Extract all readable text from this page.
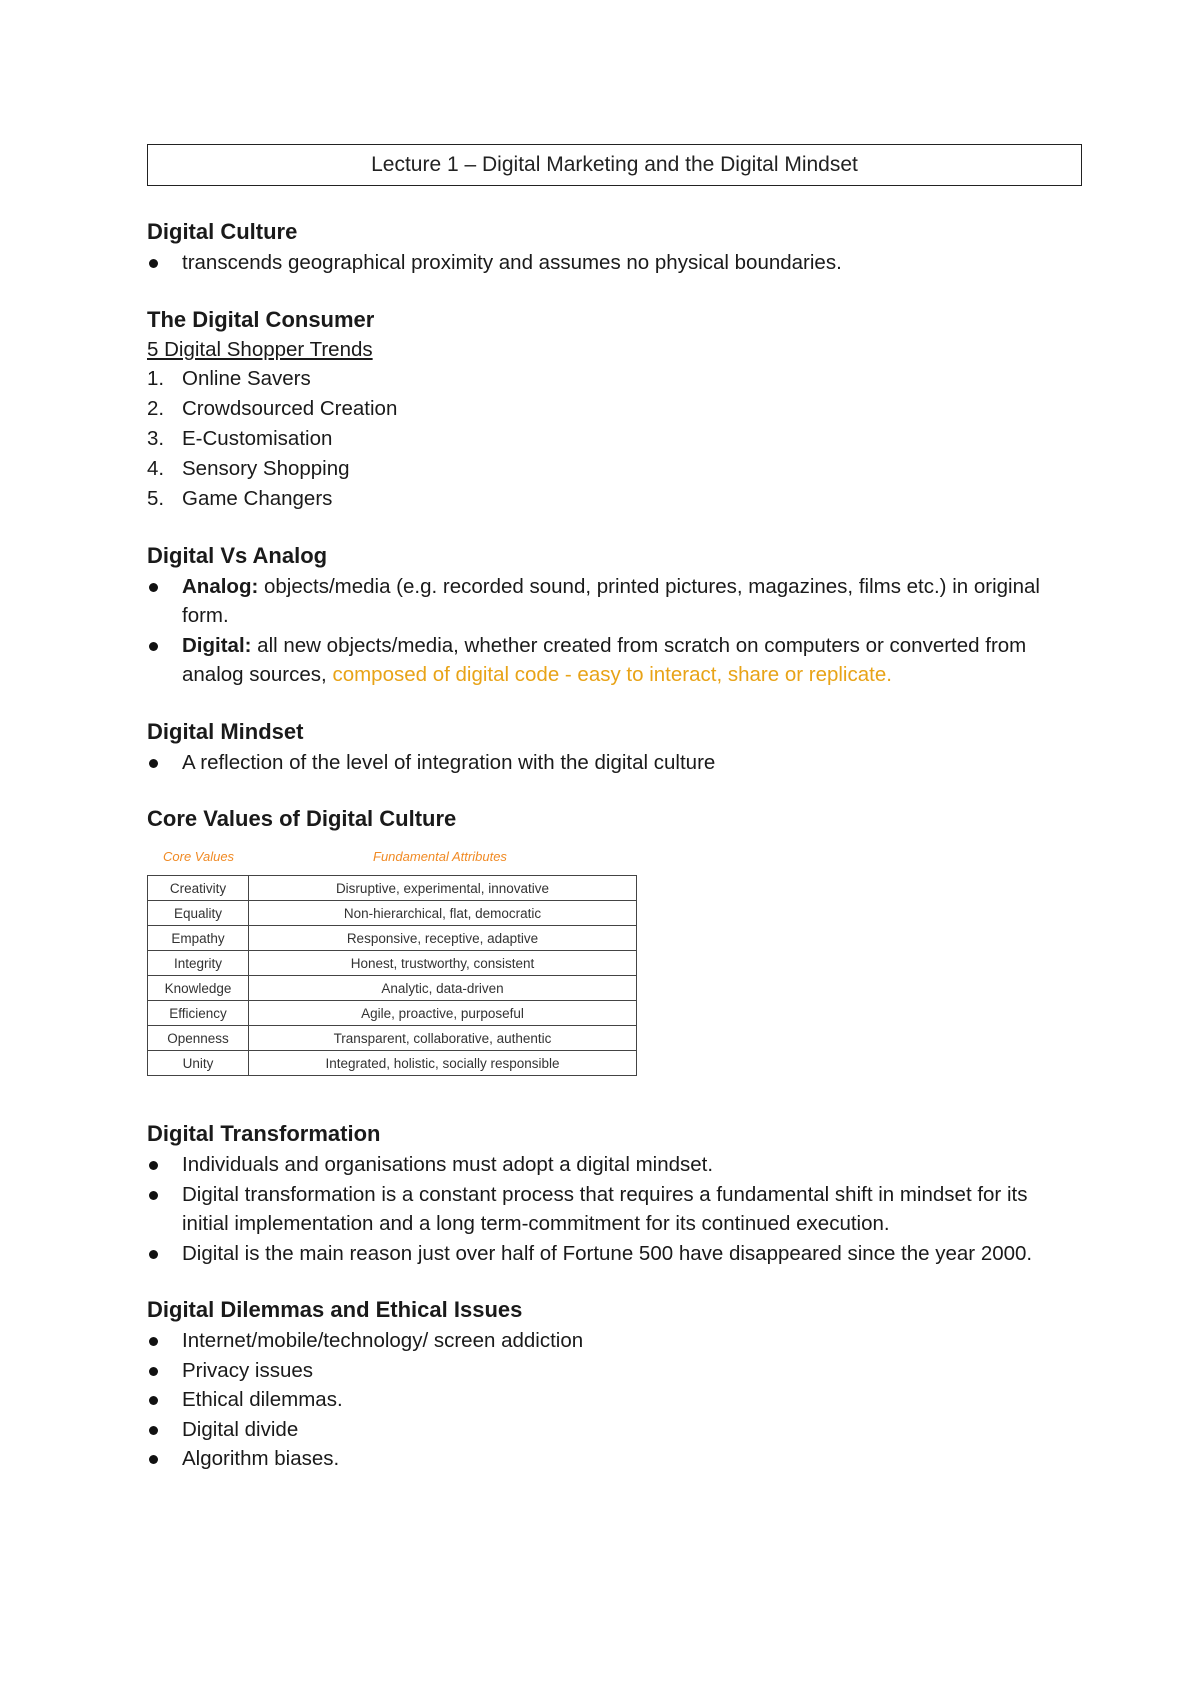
Lecture 1 – Digital Marketing and the Digital Mindset
Digital Culture
transcends geographical proximity and assumes no physical boundaries.
The Digital Consumer

5 Digital Shopper Trends

1. Online Savers
2. Crowdsourced Creation
3. E-Customisation
4. Sensory Shopping
5. Game Changers
Digital Vs Analog
Analog: objects/media (e.g. recorded sound, printed pictures, magazines, films etc.) in original form.
Digital: all new objects/media, whether created from scratch on computers or converted from analog sources, composed of digital code - easy to interact, share or replicate.
Digital Mindset
A reflection of the level of integration with the digital culture
Core Values of Digital Culture
Core Values	Fundamental Attributes
Creativity	Disruptive, experimental, innovative
Equality	Non-hierarchical, flat, democratic
Empathy	Responsive, receptive, adaptive
Integrity	Honest, trustworthy, consistent
Knowledge	Analytic, data-driven
Efficiency	Agile, proactive, purposeful
Openness	Transparent, collaborative, authentic
Unity	Integrated, holistic, socially responsible
Digital Transformation
Individuals and organisations must adopt a digital mindset.
Digital transformation is a constant process that requires a fundamental shift in mindset for its initial implementation and a long term-commitment for its continued execution.
Digital is the main reason just over half of Fortune 500 have disappeared since the year 2000.
Digital Dilemmas and Ethical Issues
Internet/mobile/technology/ screen addiction
Privacy issues
Ethical dilemmas.
Digital divide
Algorithm biases.
